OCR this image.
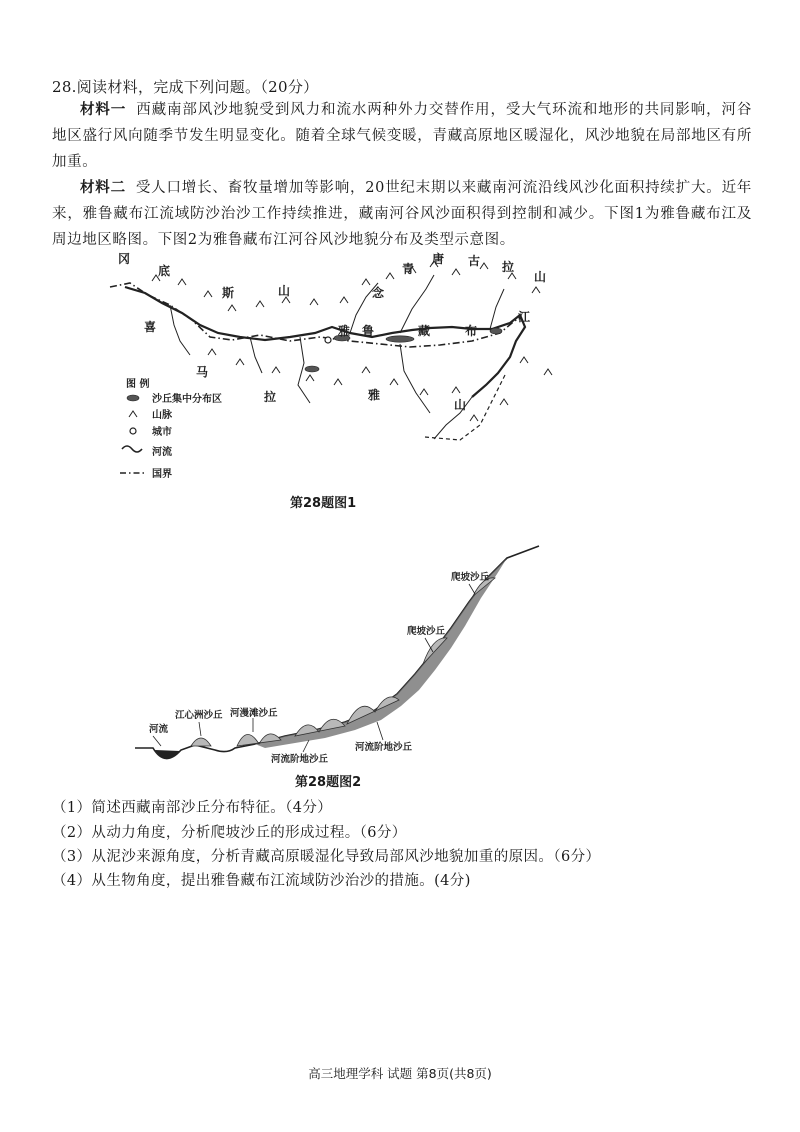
28.阅读材料，完成下列问题。（20分）
材料一 西藏南部风沙地貌受到风力和流水两种外力交替作用，受大气环流和地形的共同影响，河谷地区盛行风向随季节发生明显变化。随着全球气候变暖，青藏高原地区暖湿化，风沙地貌在局部地区有所加重。
材料二 受人口增长、畜牧量增加等影响，20世纪末期以来藏南河流沿线风沙化面积持续扩大。近年来，雅鲁藏布江流域防沙治沙工作持续推进，藏南河谷风沙面积得到控制和减少。下图1为雅鲁藏布江及周边地区略图。下图2为雅鲁藏布江河谷风沙地貌分布及类型示意图。
冈
底
斯	山	念
青
唐 古 拉
山
喜	雅 鲁	藏	布
江
马
拉	雅
山
图 例
沙丘集中分布区
山脉
城市
河流
国界
第28题图1
河流
江心洲沙丘 河漫滩沙丘
河流阶地沙丘
河流阶地沙丘
爬坡沙丘
爬坡沙丘
第28题图2
（1）简述西藏南部沙丘分布特征。（4分）
（2）从动力角度，分析爬坡沙丘的形成过程。（6分）
（3）从泥沙来源角度，分析青藏高原暖湿化导致局部风沙地貌加重的原因。（6分）
（4）从生物角度，提出雅鲁藏布江流域防沙治沙的措施。(4分)
高三地理学科 试题 第8页(共8页)
